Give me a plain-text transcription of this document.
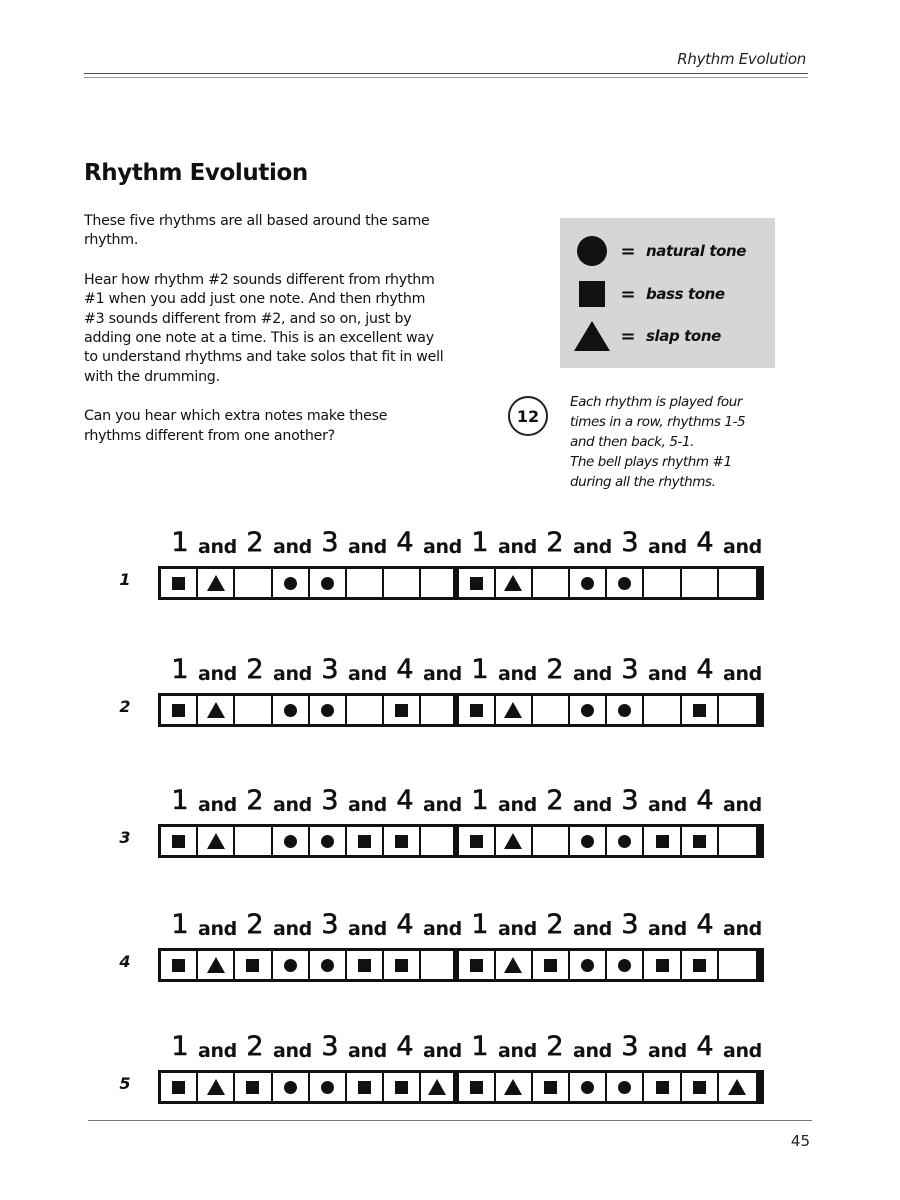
Rhythm Evolution
Rhythm Evolution

These five rhythms are all based around the same rhythm.

Hear how rhythm #2 sounds different from rhythm #1 when you add just one note. And then rhythm #3 sounds different from #2, and so on, just by adding one note at a time. This is an excellent way to understand rhythms and take solos that fit in well with the drumming.

Can you hear which extra notes make these rhythms different from one another?

= natural tone
= bass tone
= slap tone
12
Each rhythm is played four
times in a row, rhythms 1-5
and then back, 5-1.
The bell plays rhythm #1
during all the rhythms.
1 and 2 and 3 and 4 and 1 and 2 and 3 and 4 and
1
1 and 2 and 3 and 4 and 1 and 2 and 3 and 4 and
2
1 and 2 and 3 and 4 and 1 and 2 and 3 and 4 and
3
1 and 2 and 3 and 4 and 1 and 2 and 3 and 4 and
4
1 and 2 and 3 and 4 and 1 and 2 and 3 and 4 and
5
45
